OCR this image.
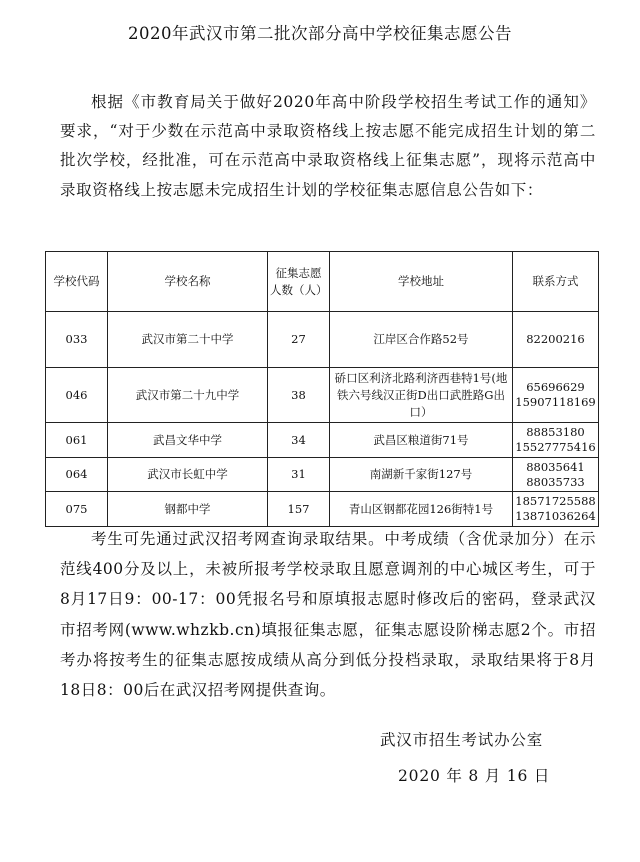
2020年武汉市第二批次部分高中学校征集志愿公告
根据《市教育局关于做好2020年高中阶段学校招生考试工作的通知》要求，“对于少数在示范高中录取资格线上按志愿不能完成招生计划的第二批次学校，经批准，可在示范高中录取资格线上征集志愿”，现将示范高中录取资格线上按志愿未完成招生计划的学校征集志愿信息公告如下：
学校代码	学校名称	征集志愿人数（人）	学校地址	联系方式
033	武汉市第二十中学	27	江岸区合作路52号	82200216

046	武汉市第二十九中学	38	硚口区利济北路利济西巷特1号(地铁六号线汉正街D出口武胜路G出口）	65696629
15907118169

061	武昌文华中学	34	武昌区粮道街71号	88853180
15527775416

064	武汉市长虹中学	31	南湖新千家街127号	88035641
88035733

075	钢都中学	157	青山区钢都花园126街特1号	18571725588
13871036264
考生可先通过武汉招考网查询录取结果。中考成绩（含优录加分）在示范线400分及以上，未被所报考学校录取且愿意调剂的中心城区考生，可于8月17日9：00-17：00凭报名号和原填报志愿时修改后的密码，登录武汉市招考网(www.whzkb.cn)填报征集志愿，征集志愿设阶梯志愿2个。市招考办将按考生的征集志愿按成绩从高分到低分投档录取，录取结果将于8月18日8：00后在武汉招考网提供查询。
武汉市招生考试办公室
2020 年 8 月 16 日
